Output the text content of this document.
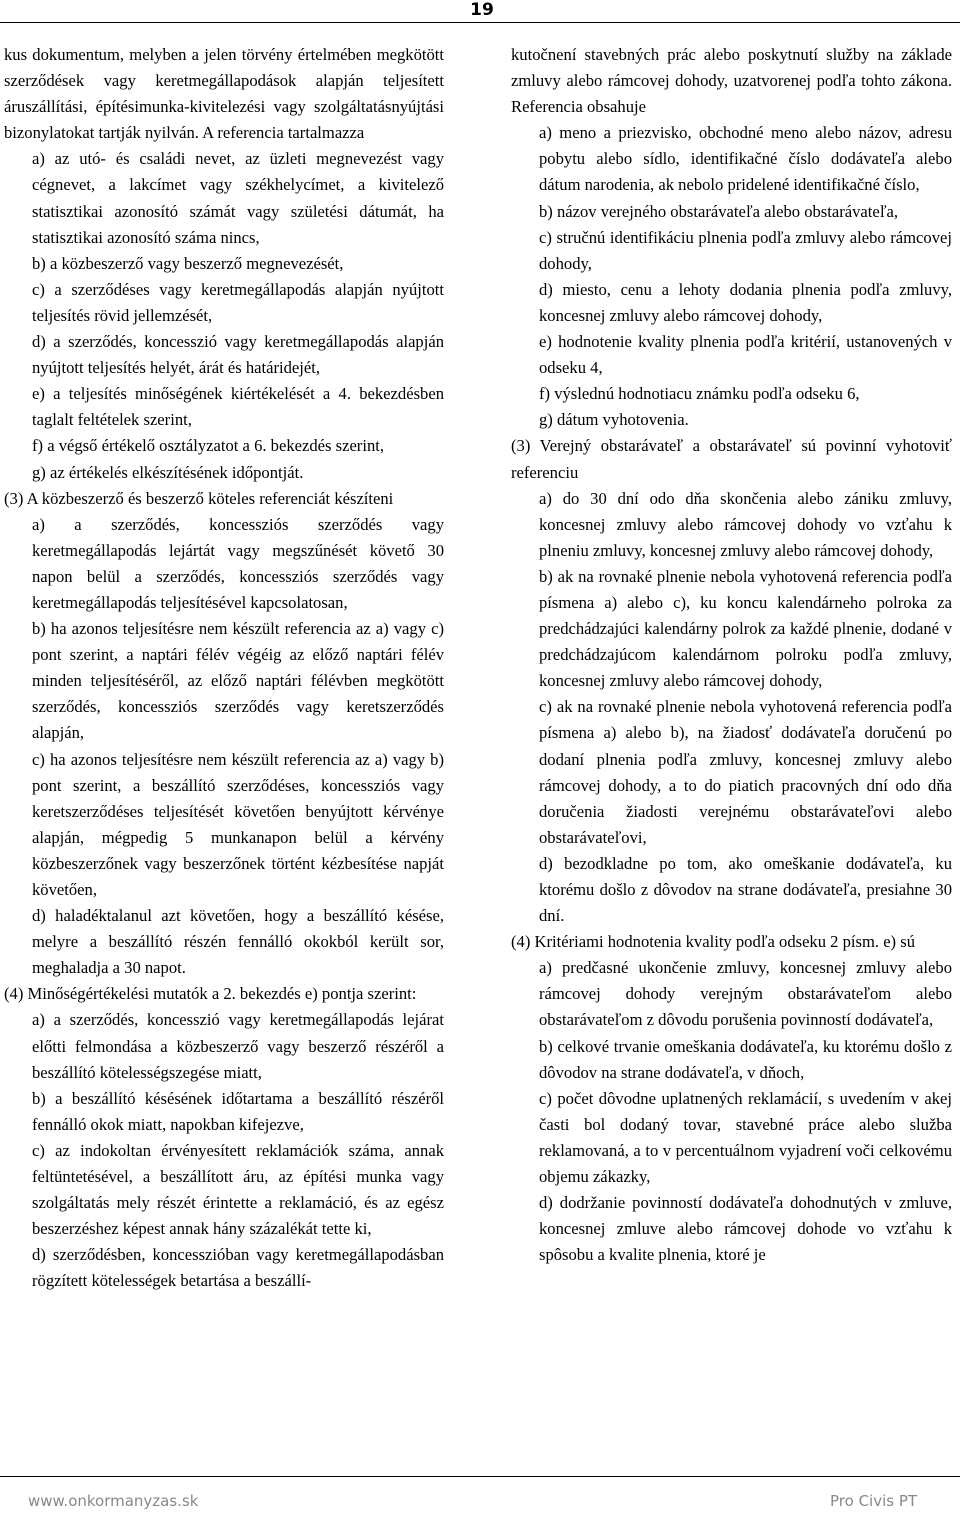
19

kus dokumentum, melyben a jelen törvény értelmében megkötött szerződések vagy keretmegállapodások alapján teljesített áruszállítási, építésimunka-kivitelezési vagy szolgáltatásnyújtási bizonylatokat tartják nyilván. A referencia tartalmazza

a) az utó- és családi nevet, az üzleti megnevezést vagy cégnevet, a lakcímet vagy székhelycímet, a kivitelező statisztikai azonosító számát vagy születési dátumát, ha statisztikai azonosító száma nincs,

b) a közbeszerző vagy beszerző megnevezését,

c) a szerződéses vagy keretmegállapodás alapján nyújtott teljesítés rövid jellemzését,

d) a szerződés, koncesszió vagy keretmegállapodás alapján nyújtott teljesítés helyét, árát és határidejét,

e) a teljesítés minőségének kiértékelését a 4. bekezdésben taglalt feltételek szerint,

f) a végső értékelő osztályzatot a 6. bekezdés szerint,

g) az értékelés elkészítésének időpontját.

(3) A közbeszerző és beszerző köteles referenciát készíteni

a) a szerződés, koncessziós szerződés vagy keretmegállapodás lejártát vagy megszűnését követő 30 napon belül a szerződés, koncessziós szerződés vagy keretmegállapodás teljesítésével kapcsolatosan,

b) ha azonos teljesítésre nem készült referencia az a) vagy c) pont szerint, a naptári félév végéig az előző naptári félév minden teljesítéséről, az előző naptári félévben megkötött szerződés, koncessziós szerződés vagy keretszerződés alapján,

c) ha azonos teljesítésre nem készült referencia az a) vagy b) pont szerint, a beszállító szerződéses, koncessziós vagy keretszerződéses teljesítését követően benyújtott kérvénye alapján, mégpedig 5 munkanapon belül a kérvény közbeszerzőnek vagy beszerzőnek történt kézbesítése napját követően,

d) haladéktalanul azt követően, hogy a beszállító késése, melyre a beszállító részén fennálló okokból került sor, meghaladja a 30 napot.

(4) Minőségértékelési mutatók a 2. bekezdés e) pontja szerint:

a) a szerződés, koncesszió vagy keretmegállapodás lejárat előtti felmondása a közbeszerző vagy beszerző részéről a beszállító kötelességszegése miatt,

b) a beszállító késésének időtartama a beszállító részéről fennálló okok miatt, napokban kifejezve,

c) az indokoltan érvényesített reklamációk száma, annak feltüntetésével, a beszállított áru, az építési munka vagy szolgáltatás mely részét érintette a reklamáció, és az egész beszerzéshez képest annak hány százalékát tette ki,

d) szerződésben, koncesszióban vagy keretmegállapodásban rögzített kötelességek betartása a beszállí-

kutočnení stavebných prác alebo poskytnutí služby na základe zmluvy alebo rámcovej dohody, uzatvorenej podľa tohto zákona. Referencia obsahuje

a) meno a priezvisko, obchodné meno alebo názov, adresu pobytu alebo sídlo, identifikačné číslo dodávateľa alebo dátum narodenia, ak nebolo pridelené identifikačné číslo,

b) názov verejného obstarávateľa alebo obstarávateľa,

c) stručnú identifikáciu plnenia podľa zmluvy alebo rámcovej dohody,

d) miesto, cenu a lehoty dodania plnenia podľa zmluvy, koncesnej zmluvy alebo rámcovej dohody,

e) hodnotenie kvality plnenia podľa kritérií, ustanovených v odseku 4,

f) výslednú hodnotiacu známku podľa odseku 6,

g) dátum vyhotovenia.

(3) Verejný obstarávateľ a obstarávateľ sú povinní vyhotoviť referenciu

a) do 30 dní odo dňa skončenia alebo zániku zmluvy, koncesnej zmluvy alebo rámcovej dohody vo vzťahu k plneniu zmluvy, koncesnej zmluvy alebo rámcovej dohody,

b) ak na rovnaké plnenie nebola vyhotovená referencia podľa písmena a) alebo c), ku koncu kalendárneho polroka za predchádzajúci kalendárny polrok za každé plnenie, dodané v predchádzajúcom kalendárnom polroku podľa zmluvy, koncesnej zmluvy alebo rámcovej dohody,

c) ak na rovnaké plnenie nebola vyhotovená referencia podľa písmena a) alebo b), na žiadosť dodávateľa doručenú po dodaní plnenia podľa zmluvy, koncesnej zmluvy alebo rámcovej dohody, a to do piatich pracovných dní odo dňa doručenia žiadosti verejnému obstarávateľovi alebo obstarávateľovi,

d) bezodkladne po tom, ako omeškanie dodávateľa, ku ktorému došlo z dôvodov na strane dodávateľa, presiahne 30 dní.

(4) Kritériami hodnotenia kvality podľa odseku 2 písm. e) sú

a) predčasné ukončenie zmluvy, koncesnej zmluvy alebo rámcovej dohody verejným obstarávateľom alebo obstarávateľom z dôvodu porušenia povinností dodávateľa,

b) celkové trvanie omeškania dodávateľa, ku ktorému došlo z dôvodov na strane dodávateľa, v dňoch,

c) počet dôvodne uplatnených reklamácií, s uvedením v akej časti bol dodaný tovar, stavebné práce alebo služba reklamovaná, a to v percentuálnom vyjadrení voči celkovému objemu zákazky,

d) dodržanie povinností dodávateľa dohodnutých v zmluve, koncesnej zmluve alebo rámcovej dohode vo vzťahu k spôsobu a kvalite plnenia, ktoré je

www.onkormanyzas.sk	Pro Civis PT
